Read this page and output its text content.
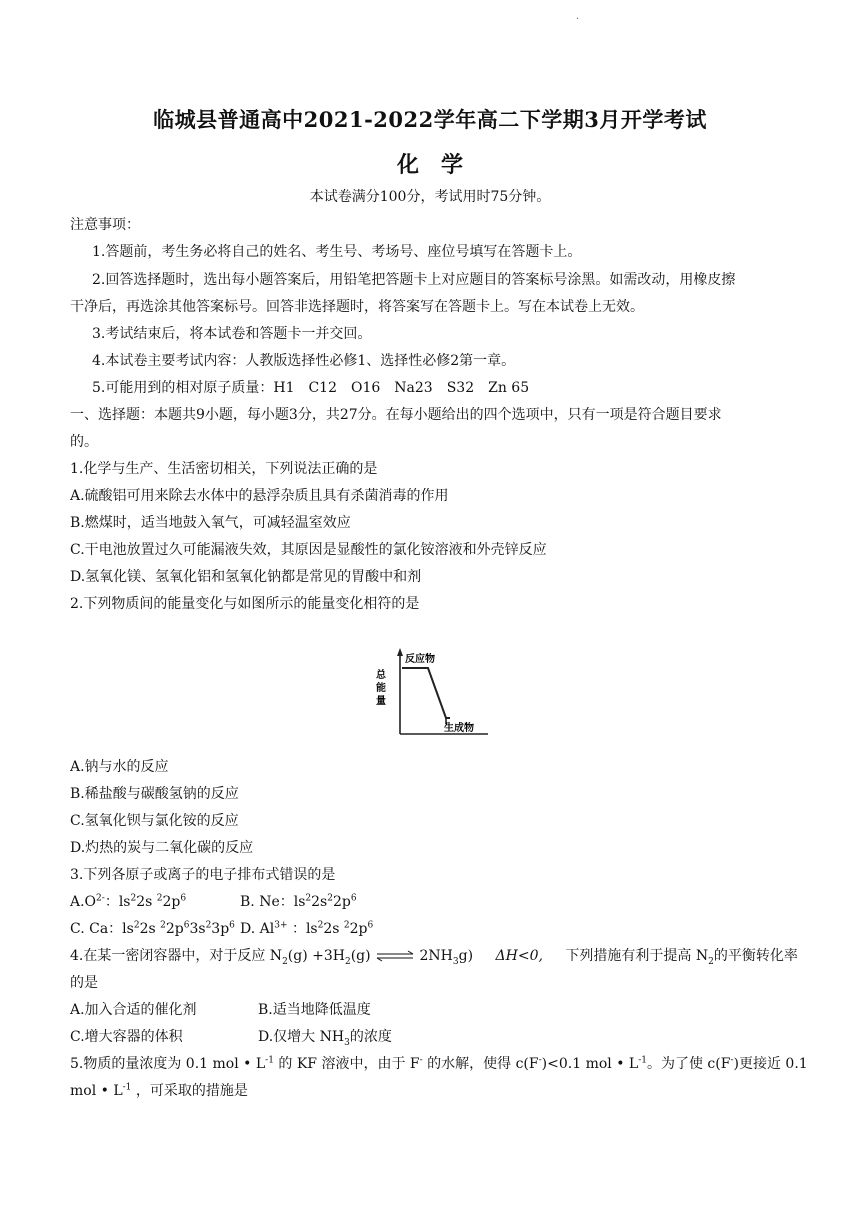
·
临城县普通高中2021-2022学年高二下学期3月开学考试
化学
本试卷满分100分，考试用时75分钟。
注意事项：
1.答题前，考生务必将自己的姓名、考生号、考场号、座位号填写在答题卡上。
2.回答选择题时，选出每小题答案后，用铅笔把答题卡上对应题目的答案标号涂黑。如需改动，用橡皮擦
干净后，再选涂其他答案标号。回答非选择题时，将答案写在答题卡上。写在本试卷上无效。
3.考试结束后，将本试卷和答题卡一并交回。
4.本试卷主要考试内容：人教版选择性必修1、选择性必修2第一章。
5.可能用到的相对原子质量：H1　C12　O16　Na23　S32　Zn 65
一、选择题：本题共9小题，每小题3分，共27分。在每小题给出的四个选项中，只有一项是符合题目要求
的。
1.化学与生产、生活密切相关，下列说法正确的是
A.硫酸铝可用来除去水体中的悬浮杂质且具有杀菌消毒的作用
B.燃煤时，适当地鼓入氧气，可减轻温室效应
C.干电池放置过久可能漏液失效，其原因是显酸性的氯化铵溶液和外壳锌反应
D.氢氧化镁、氢氧化铝和氢氧化钠都是常见的胃酸中和剂
2.下列物质间的能量变化与如图所示的能量变化相符的是
总
能
量
反应物
生成物
A.钠与水的反应
B.稀盐酸与碳酸氢钠的反应
C.氢氧化钡与氯化铵的反应
D.灼热的炭与二氧化碳的反应
3.下列各原子或离子的电子排布式错误的是
$A.O^{2-}$：$ls^22s$ $^22p^6$	B. Ne：$ls^22s^22p^6$
C. Ca：$ls^22s$ $^22p^63s^23p^6$ D. $Al^{3+}$ ：$ls^22s$ $^22p^6$
4.在某一密闭容器中，对于反应 $N_2(g) +3H_2(g)$ ⇌ $2NH_3g$) ΔH<0, 下列措施有利于提高 $N_2$的平衡转化率
的是
A.加入合适的催化剂	B.适当地降低温度
C.增大容器的体积	D.仅增大 $NH_3$的浓度
5.物质的量浓度为 0.1 mol • $L^{-1}$ 的 KF 溶液中，由于 F- 的水解，使得 c(F-)<0.1 mol • $L^{-1}$。为了使 c(F-)更接近 0.1
mol • $L^{-1}$ ，可采取的措施是
